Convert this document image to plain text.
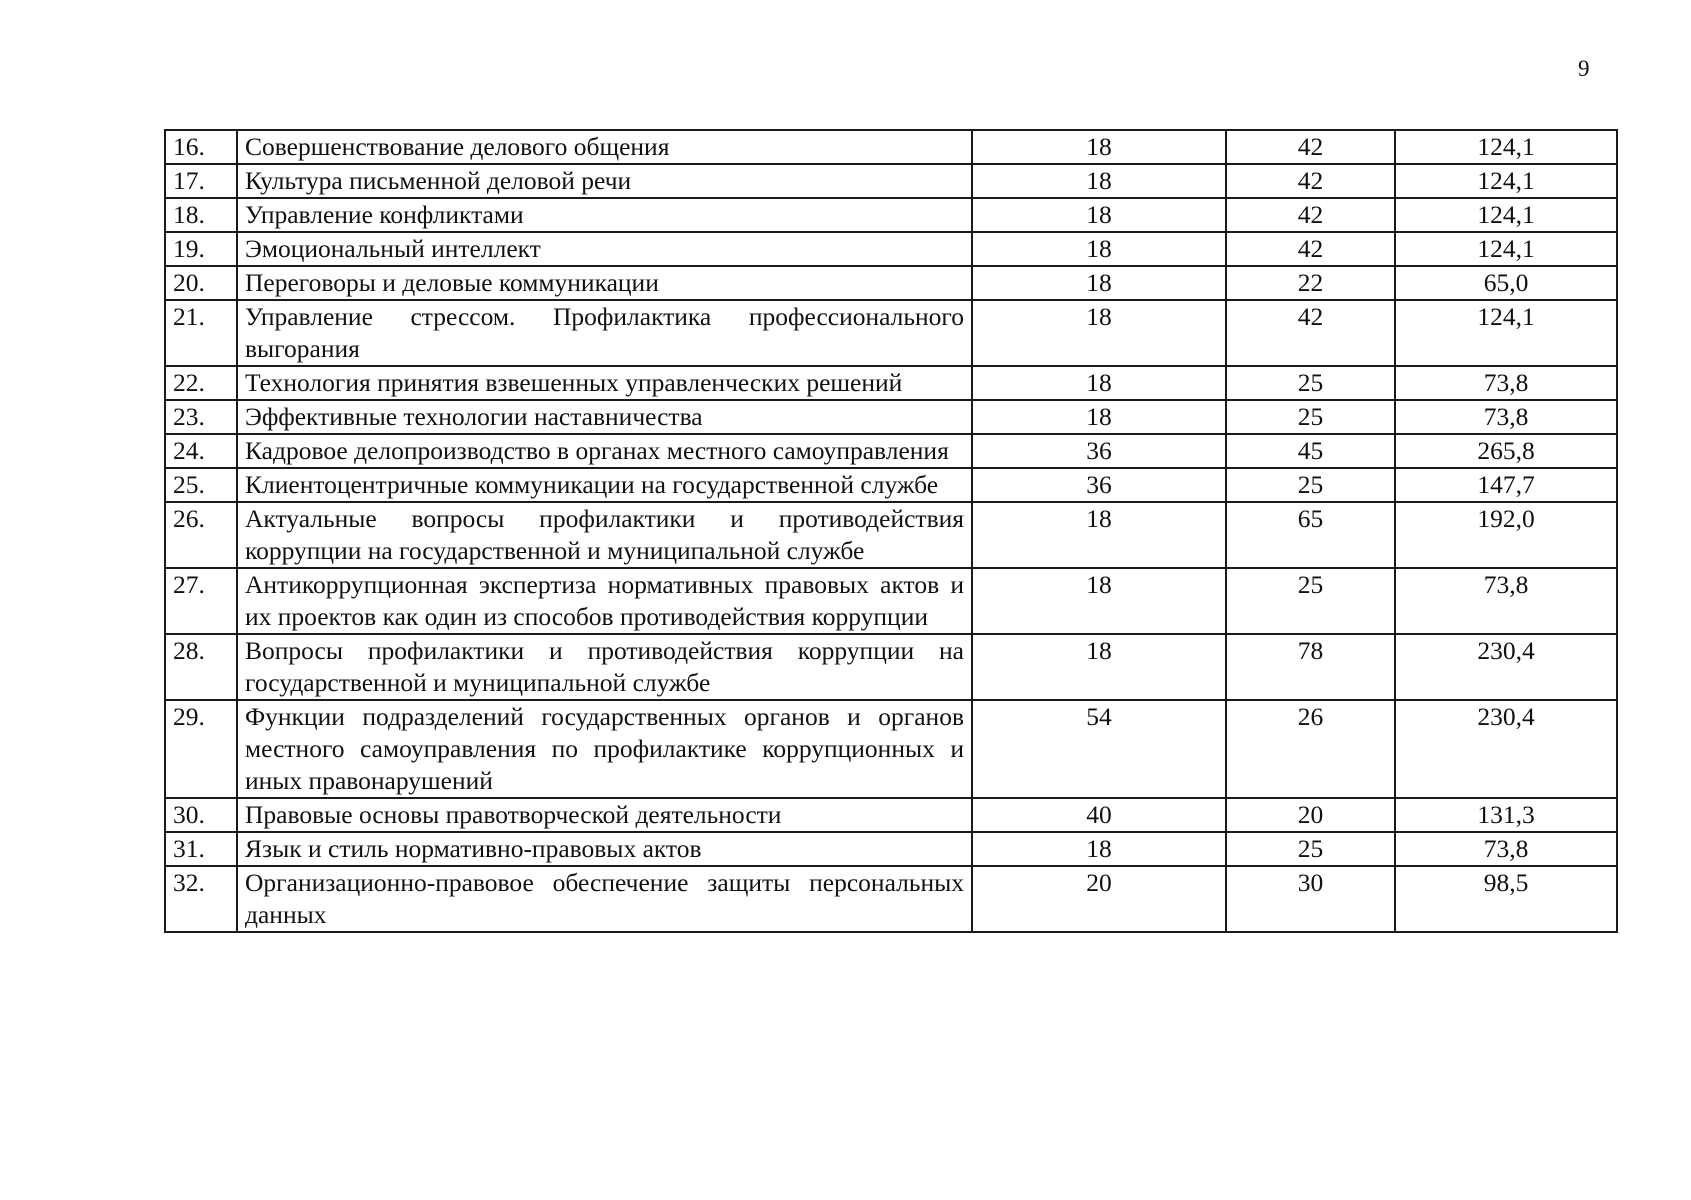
9
16.	Совершенствование делового общения	18	42	124,1
17.	Культура письменной деловой речи	18	42	124,1
18.	Управление конфликтами	18	42	124,1
19.	Эмоциональный интеллект	18	42	124,1
20.	Переговоры и деловые коммуникации	18	22	65,0
21.	Управление стрессом. Профилактика профессионального выгорания	18	42	124,1
22.	Технология принятия взвешенных управленческих решений	18	25	73,8
23.	Эффективные технологии наставничества	18	25	73,8
24.	Кадровое делопроизводство в органах местного самоуправления	36	45	265,8
25.	Клиентоцентричные коммуникации на государственной службе	36	25	147,7
26.	Актуальные вопросы профилактики и противодействия коррупции на государственной и муниципальной службе	18	65	192,0
27.	Антикоррупционная экспертиза нормативных правовых актов и их проектов как один из способов противодействия коррупции	18	25	73,8
28.	Вопросы профилактики и противодействия коррупции на государственной и муниципальной службе	18	78	230,4
29.	Функции подразделений государственных органов и органов местного самоуправления по профилактике коррупционных и иных правонарушений	54	26	230,4
30.	Правовые основы правотворческой деятельности	40	20	131,3
31.	Язык и стиль нормативно-правовых актов	18	25	73,8
32.	Организационно-правовое обеспечение защиты персональных данных	20	30	98,5
